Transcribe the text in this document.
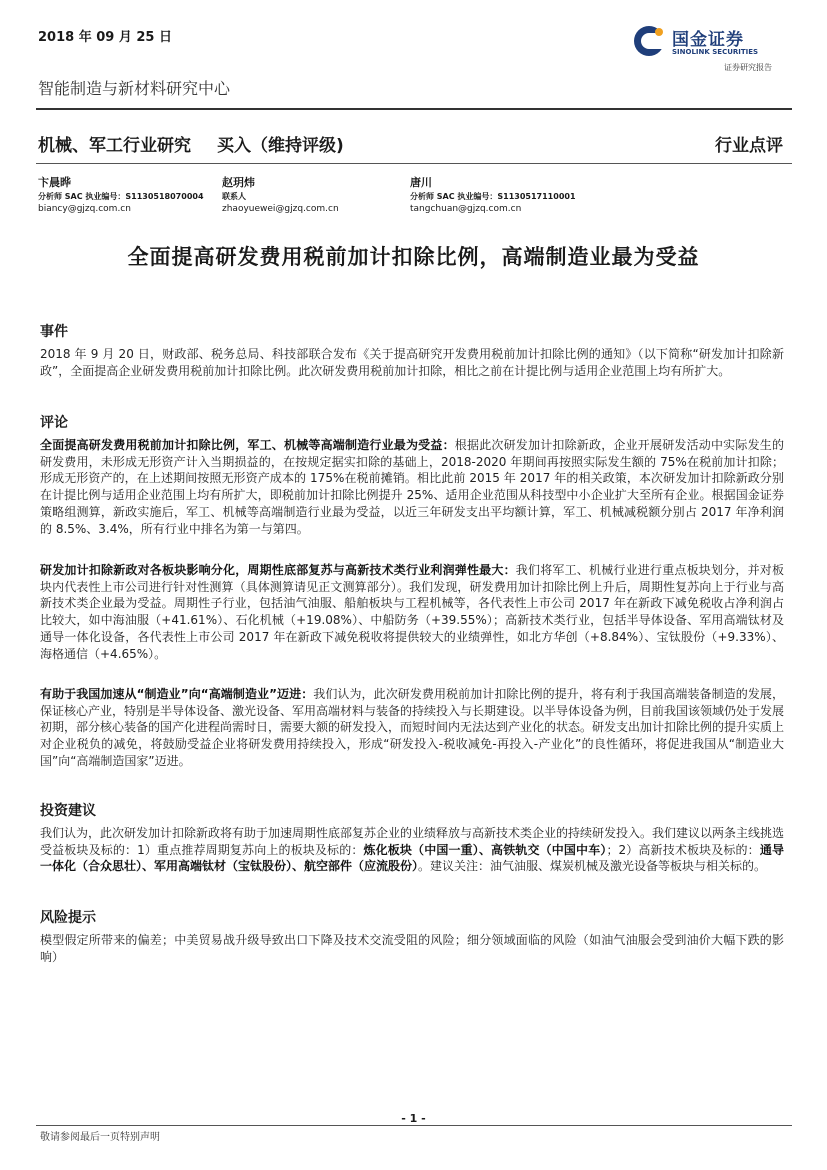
2018 年 09 月 25 日	国金证券
SINOLINK SECURITIES
证券研究报告
智能制造与新材料研究中心
机械、军工行业研究 买入（维持评级)	行业点评
卞晨晔
分析师 SAC 执业编号：S1130518070004
biancy@gjzq.com.cn
赵玥炜
联系人
zhaoyuewei@gjzq.com.cn
唐川
分析师 SAC 执业编号：S1130517110001
tangchuan@gjzq.com.cn
全面提高研发费用税前加计扣除比例，高端制造业最为受益
事件
2018 年 9 月 20 日，财政部、税务总局、科技部联合发布《关于提高研究开发费用税前加计扣除比例的通知》（以下简称“研发加计扣除新政”，全面提高企业研发费用税前加计扣除比例。此次研发费用税前加计扣除，相比之前在计提比例与适用企业范围上均有所扩大。
评论
全面提高研发费用税前加计扣除比例，军工、机械等高端制造行业最为受益：根据此次研发加计扣除新政，企业开展研发活动中实际发生的研发费用，未形成无形资产计入当期损益的，在按规定据实扣除的基础上，2018-2020 年期间再按照实际发生额的 75%在税前加计扣除；形成无形资产的，在上述期间按照无形资产成本的 175%在税前摊销。相比此前 2015 年 2017 年的相关政策，本次研发加计扣除新政分别在计提比例与适用企业范围上均有所扩大，即税前加计扣除比例提升 25%、适用企业范围从科技型中小企业扩大至所有企业。根据国金证券策略组测算，新政实施后，军工、机械等高端制造行业最为受益，以近三年研发支出平均额计算，军工、机械减税额分别占 2017 年净利润的 8.5%、3.4%，所有行业中排名为第一与第四。
研发加计扣除新政对各板块影响分化，周期性底部复苏与高新技术类行业利润弹性最大：我们将军工、机械行业进行重点板块划分，并对板块内代表性上市公司进行针对性测算（具体测算请见正文测算部分）。我们发现，研发费用加计扣除比例上升后，周期性复苏向上于行业与高新技术类企业最为受益。周期性子行业，包括油气油服、船舶板块与工程机械等，各代表性上市公司 2017 年在新政下减免税收占净利润占比较大，如中海油服（+41.61%）、石化机械（+19.08%）、中船防务（+39.55%）；高新技术类行业，包括半导体设备、军用高端钛材及通导一体化设备，各代表性上市公司 2017 年在新政下减免税收将提供较大的业绩弹性，如北方华创（+8.84%）、宝钛股份（+9.33%）、海格通信（+4.65%）。
有助于我国加速从“制造业”向“高端制造业”迈进：我们认为，此次研发费用税前加计扣除比例的提升，将有利于我国高端装备制造的发展，保证核心产业，特别是半导体设备、激光设备、军用高端材料与装备的持续投入与长期建设。以半导体设备为例，目前我国该领域仍处于发展初期，部分核心装备的国产化进程尚需时日，需要大额的研发投入，而短时间内无法达到产业化的状态。研发支出加计扣除比例的提升实质上对企业税负的减免，将鼓励受益企业将研发费用持续投入，形成“研发投入-税收减免-再投入-产业化”的良性循环，将促进我国从“制造业大国”向“高端制造国家”迈进。
投资建议
我们认为，此次研发加计扣除新政将有助于加速周期性底部复苏企业的业绩释放与高新技术类企业的持续研发投入。我们建议以两条主线挑选受益板块及标的：1）重点推荐周期复苏向上的板块及标的：炼化板块（中国一重）、高铁轨交（中国中车）；2）高新技术板块及标的：通导一体化（合众思壮）、军用高端钛材（宝钛股份）、航空部件（应流股份）。建议关注：油气油服、煤炭机械及激光设备等板块与相关标的。
风险提示
模型假定所带来的偏差；中美贸易战升级导致出口下降及技术交流受阻的风险；细分领域面临的风险（如油气油服会受到油价大幅下跌的影响）
- 1 -
敬请参阅最后一页特别声明
